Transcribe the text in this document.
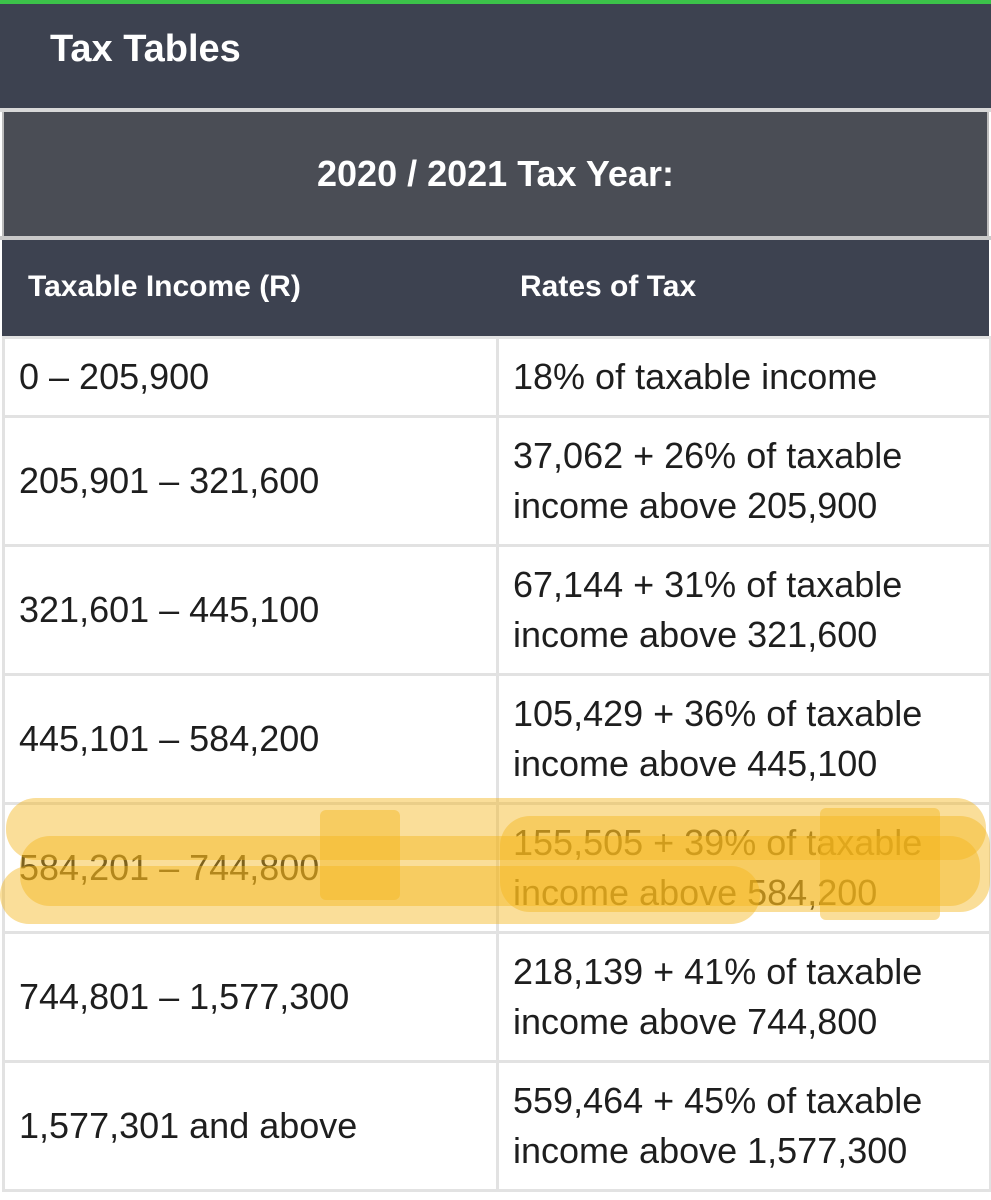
Tax Tables
2020 / 2021 Tax Year:
Taxable Income (R)	Rates of Tax
0 – 205,900	18% of taxable income

205,901 – 321,600	37,062 + 26% of taxable
income above 205,900

321,601 – 445,100	67,144 + 31% of taxable
income above 321,600

445,101 – 584,200	105,429 + 36% of taxable
income above 445,100

584,201 – 744,800	155,505 + 39% of taxable
income above 584,200

744,801 – 1,577,300	218,139 + 41% of taxable
income above 744,800

1,577,301 and above	559,464 + 45% of taxable
income above 1,577,300
